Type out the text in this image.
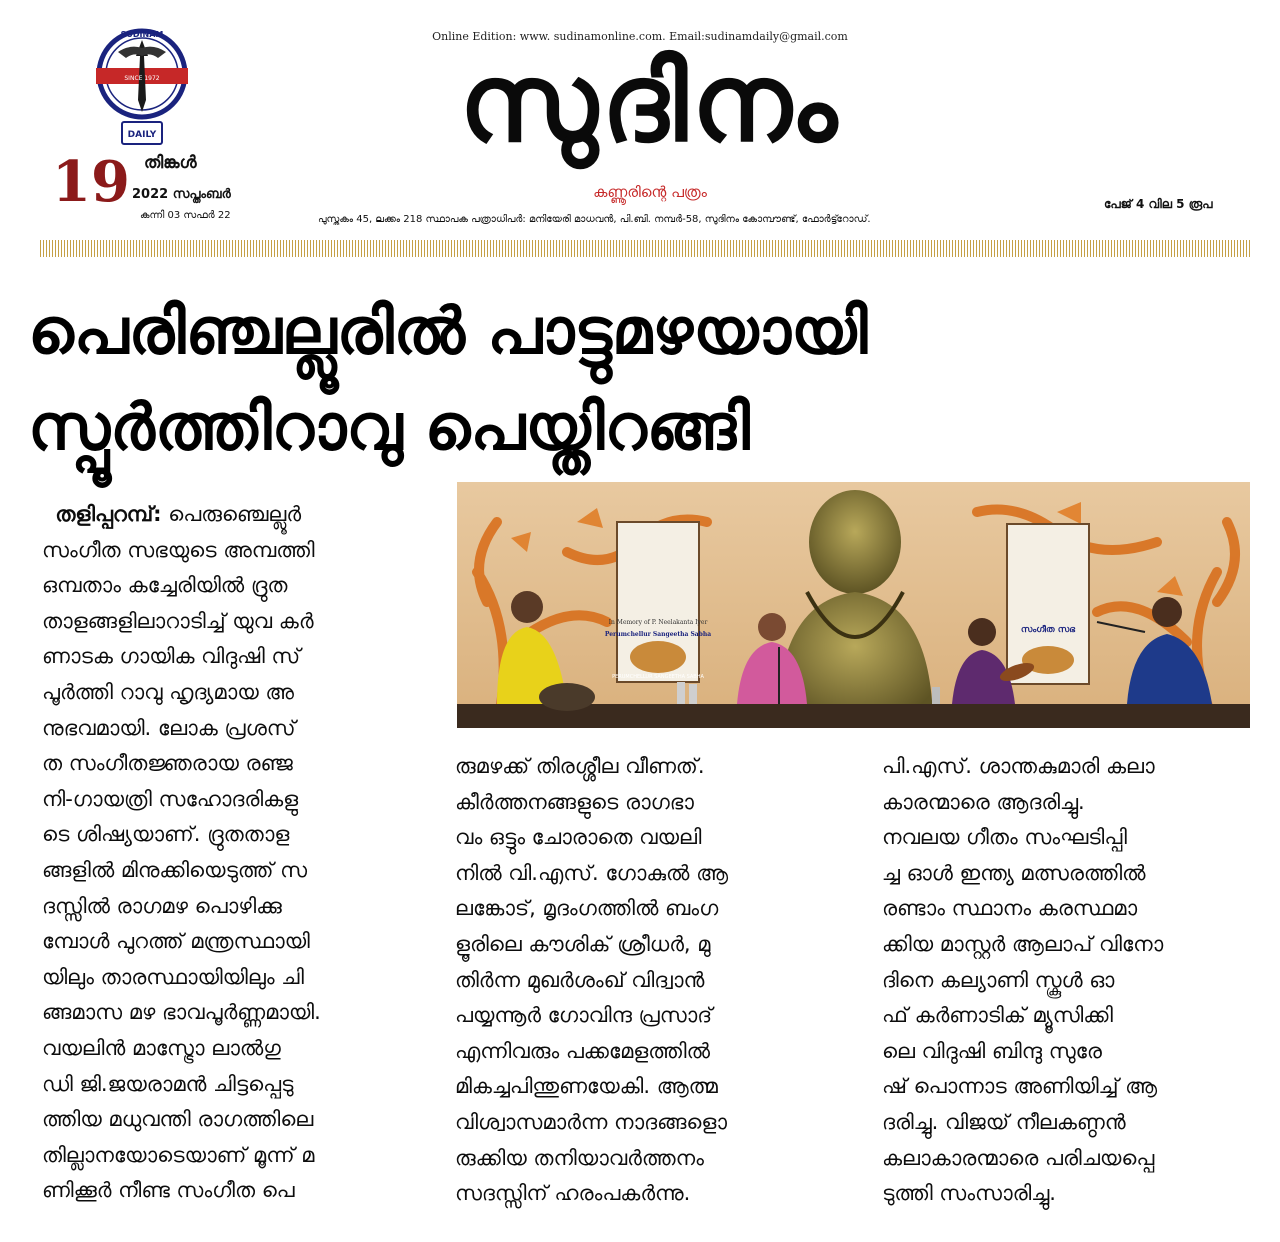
SUDINAM
SINCE 1972
DAILY
Online Edition: www. sudinamonline.com. Email:sudinamdaily@gmail.com
സുദിനം
കണ്ണൂരിന്റെ പത്രം
19 തിങ്കൾ
2022 സപ്തംബർ
കന്നി 03 സഫർ 22	പുസ്തകം 45, ലക്കം 218 സ്ഥാപക പത്രാധിപർ: മനിയേരി മാധവൻ, പി.ബി. നമ്പർ-58, സുദിനം കോമ്പൗണ്ട്, ഫോർട്ട്റോഡ്.
പേജ് 4 വില 5 രൂപ
പെരിഞ്ചല്ലൂരിൽ പാട്ടുമഴയായി
സ്പൂർത്തിറാവു പെയ്തിറങ്ങി
In Memory of P. Neelakanta Iyer
Perumchellur Sangeetha Sabha
PERUMCHELLUR SANGEETHA SABHA
സംഗീത സഭ
തളിപ്പറമ്പ്: പെരുഞ്ചെല്ലൂർ
സംഗീത സഭയുടെ അമ്പത്തി
ഒമ്പതാം കച്ചേരിയിൽ ദ്രുത
താളങ്ങളിലാറാടിച്ച് യുവ കർ
ണാടക ഗായിക വിദുഷി സ്
പൂർത്തി റാവു ഹൃദ്യമായ അ
നുഭവമായി. ലോക പ്രശസ്
ത സംഗീതജ്ഞരായ രഞ്ജ
നി-ഗായത്രി സഹോദരികളു
ടെ ശിഷ്യയാണ്. ദ്രുതതാള
ങ്ങളിൽ മിനുക്കിയെടുത്ത് സ
ദസ്സിൽ രാഗമഴ പൊഴിക്കു
മ്പോൾ പുറത്ത് മന്ത്രസ്ഥായി
യിലും താരസ്ഥായിയിലും ചി
ങ്ങമാസ മഴ ഭാവപൂർണ്ണമായി.
വയലിൻ മാസ്ട്രോ ലാൽഗു
ഡി ജി.ജയരാമൻ ചിട്ടപ്പെടു
ത്തിയ മധുവന്തി രാഗത്തിലെ
തില്ലാനയോടെയാണ് മൂന്ന് മ
ണിക്കൂർ നീണ്ട സംഗീത പെ
രുമഴക്ക് തിരശ്ശീല വീണത്.
കീർത്തനങ്ങളുടെ രാഗഭാ
വം ഒട്ടും ചോരാതെ വയലി
നിൽ വി.എസ്. ഗോകുൽ ആ
ലങ്കോട്, മൃദംഗത്തിൽ ബംഗ
ളൂരിലെ കൗശിക് ശ്രീധർ, മു
തിർന്ന മുഖർശംഖ് വിദ്വാൻ
പയ്യന്നൂർ ഗോവിന്ദ പ്രസാദ്
എന്നിവരും പക്കമേളത്തിൽ
മികച്ചപിന്തുണയേകി. ആത്മ
വിശ്വാസമാർന്ന നാദങ്ങളൊ
രുക്കിയ തനിയാവർത്തനം
സദസ്സിന് ഹരംപകർന്നു.
പി.എസ്. ശാന്തകുമാരി കലാ
കാരന്മാരെ ആദരിച്ചു.
നവലയ ഗീതം സംഘടിപ്പി
ച്ച ഓൾ ഇന്ത്യ മത്സരത്തിൽ
രണ്ടാം സ്ഥാനം കരസ്ഥമാ
ക്കിയ മാസ്റ്റർ ആലാപ് വിനോ
ദിനെ കല്യാണി സ്കൂൾ ഓ
ഫ് കർണാടിക് മ്യൂസിക്കി
ലെ വിദുഷി ബിന്ദു സുരേ
ഷ് പൊന്നാട അണിയിച്ച് ആ
ദരിച്ചു. വിജയ് നീലകണ്ഠൻ
കലാകാരന്മാരെ പരിചയപ്പെ
ടുത്തി സംസാരിച്ചു.
